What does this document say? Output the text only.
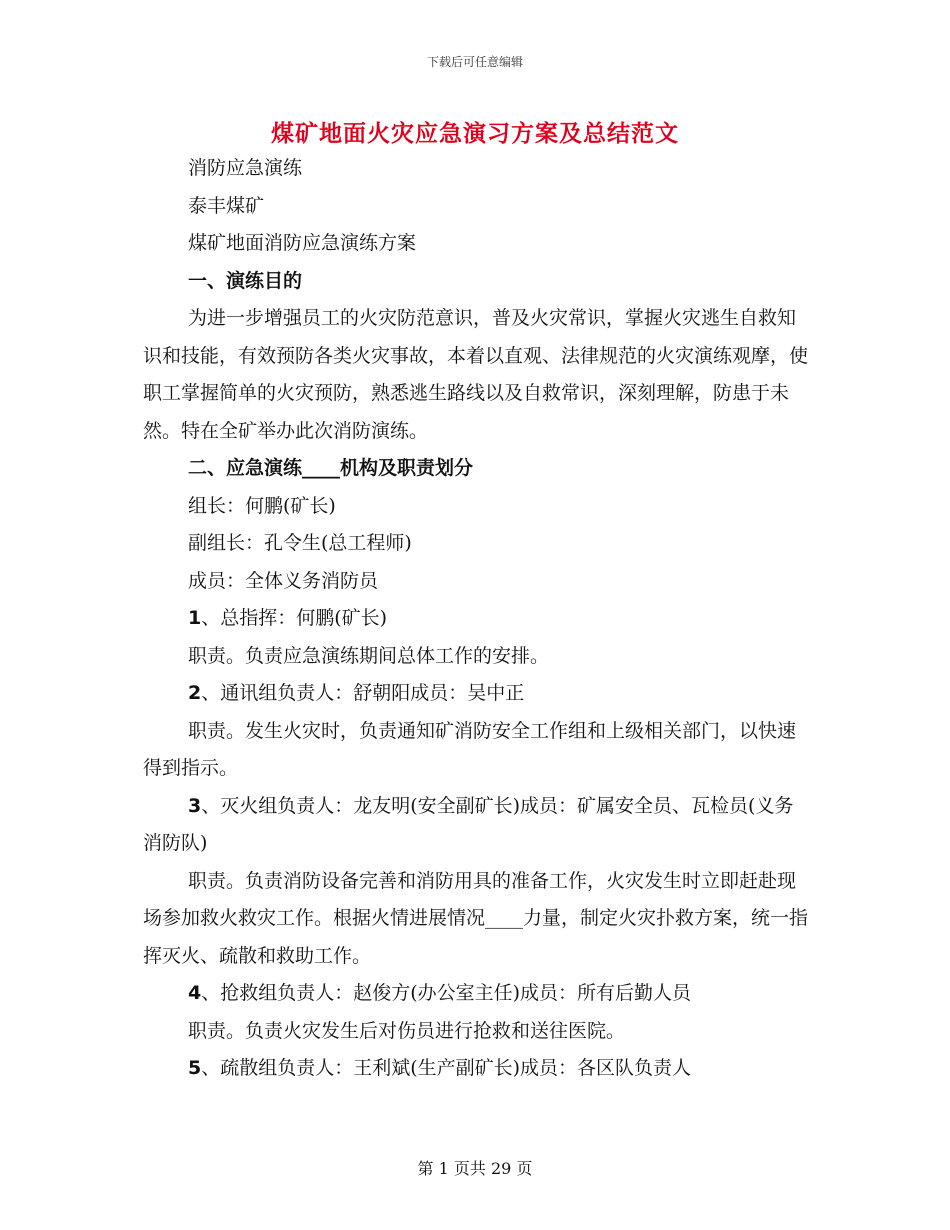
下载后可任意编辑
煤矿地面火灾应急演习方案及总结范文

消防应急演练

泰丰煤矿

煤矿地面消防应急演练方案

一、演练目的

为进一步增强员工的火灾防范意识，普及火灾常识，掌握火灾逃生自救知识和技能，有效预防各类火灾事故，本着以直观、法律规范的火灾演练观摩，使职工掌握简单的火灾预防，熟悉逃生路线以及自救常识，深刻理解，防患于未然。特在全矿举办此次消防演练。

二、应急演练____机构及职责划分

组长：何鹏(矿长)

副组长：孔令生(总工程师)

成员：全体义务消防员

1、总指挥：何鹏(矿长)

职责。负责应急演练期间总体工作的安排。

2、通讯组负责人：舒朝阳成员：吴中正

职责。发生火灾时，负责通知矿消防安全工作组和上级相关部门，以快速得到指示。

3、灭火组负责人：龙友明(安全副矿长)成员：矿属安全员、瓦检员(义务消防队)

职责。负责消防设备完善和消防用具的准备工作，火灾发生时立即赶赴现场参加救火救灾工作。根据火情进展情况____力量，制定火灾扑救方案，统一指挥灭火、疏散和救助工作。

4、抢救组负责人：赵俊方(办公室主任)成员：所有后勤人员

职责。负责火灾发生后对伤员进行抢救和送往医院。

5、疏散组负责人：王利斌(生产副矿长)成员：各区队负责人

第 1 页共 29 页
